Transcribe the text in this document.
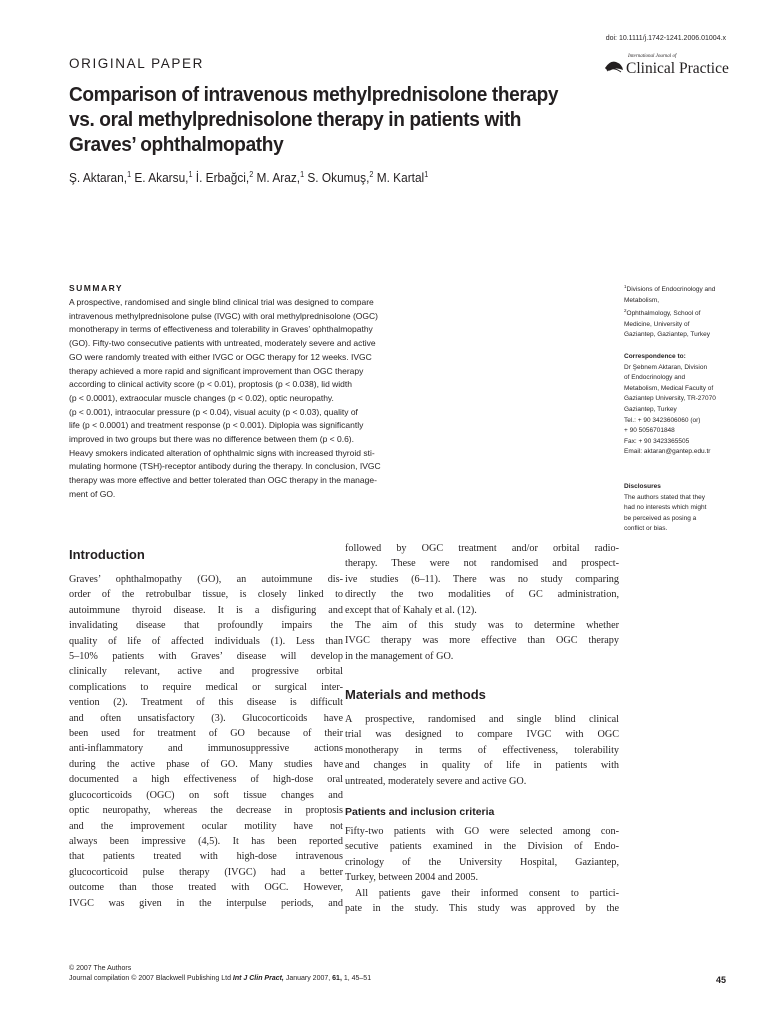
doi: 10.1111/j.1742-1241.2006.01004.x
ORIGINAL PAPER	International Journal of
Clinical Practice
Comparison of intravenous methylprednisolone therapy vs. oral methylprednisolone therapy in patients with Graves’ ophthalmopathy
Ş. Aktaran,$^1$ E. Akarsu,$^1$ İ. Erbağci,$^2$ M. Araz,$^1$ S. Okumuş,$^2$ M. Kartal$^1$
SUMMARY
A prospective, randomised and single blind clinical trial was designed to compare
intravenous methylprednisolone pulse (IVGC) with oral methylprednisolone (OGC)
monotherapy in terms of effectiveness and tolerability in Graves’ ophthalmopathy
(GO). Fifty-two consecutive patients with untreated, moderately severe and active
GO were randomly treated with either IVGC or OGC therapy for 12 weeks. IVGC
therapy achieved a more rapid and significant improvement than OGC therapy
according to clinical activity score (p < 0.01), proptosis (p < 0.038), lid width
(p < 0.0001), extraocular muscle changes (p < 0.02), optic neuropathy.
(p < 0.001), intraocular pressure (p < 0.04), visual acuity (p < 0.03), quality of
life (p < 0.0001) and treatment response (p < 0.001). Diplopia was significantly
improved in two groups but there was no difference between them (p < 0.6).
Heavy smokers indicated alteration of ophthalmic signs with increased thyroid sti-
mulating hormone (TSH)-receptor antibody during the therapy. In conclusion, IVGC
therapy was more effective and better tolerated than OGC therapy in the manage-
ment of GO.
$^1$Divisions of Endocrinology and
Metabolism,
$^2$Ophthalmology, School of
Medicine, University of
Gaziantep, Gaziantep, Turkey
Correspondence to:
Dr Şebnem Aktaran, Division
of Endocrinology and
Metabolism, Medical Faculty of
Gaziantep University, TR-27070
Gaziantep, Turkey
Tel.: + 90 3423606060 (or)
+ 90 5056701848
Fax: + 90 3423365505
Email: aktaran@gantep.edu.tr
Disclosures
The authors stated that they
had no interests which might
be perceived as posing a
conflict or bias.
Introduction
Graves’ ophthalmopathy (GO), an autoimmune dis-
order of the retrobulbar tissue, is closely linked to
autoimmune thyroid disease. It is a disfiguring and
invalidating disease that profoundly impairs the
quality of life of affected individuals (1). Less than
5–10% patients with Graves’ disease will develop
clinically relevant, active and progressive orbital
complications to require medical or surgical inter-
vention (2). Treatment of this disease is difficult
and often unsatisfactory (3). Glucocorticoids have
been used for treatment of GO because of their
anti-inflammatory and immunosuppressive actions
during the active phase of GO. Many studies have
documented a high effectiveness of high-dose oral
glucocorticoids (OGC) on soft tissue changes and
optic neuropathy, whereas the decrease in proptosis
and the improvement ocular motility have not
always been impressive (4,5). It has been reported
that patients treated with high-dose intravenous
glucocorticoid pulse therapy (IVGC) had a better
outcome than those treated with OGC. However,
IVGC was given in the interpulse periods, and
followed by OGC treatment and/or orbital radio-
therapy. These were not randomised and prospect-
ive studies (6–11). There was no study comparing
directly the two modalities of GC administration,
except that of Kahaly et al. (12).
The aim of this study was to determine whether
IVGC therapy was more effective than OGC therapy
in the management of GO.
Materials and methods
A prospective, randomised and single blind clinical
trial was designed to compare IVGC with OGC
monotherapy in terms of effectiveness, tolerability
and changes in quality of life in patients with
untreated, moderately severe and active GO.
Patients and inclusion criteria
Fifty-two patients with GO were selected among con-
secutive patients examined in the Division of Endo-
crinology of the University Hospital, Gaziantep,
Turkey, between 2004 and 2005.
All patients gave their informed consent to partici-
pate in the study. This study was approved by the
© 2007 The Authors
Journal compilation © 2007 Blackwell Publishing Ltd Int J Clin Pract, January 2007, 61, 1, 45–51	45
